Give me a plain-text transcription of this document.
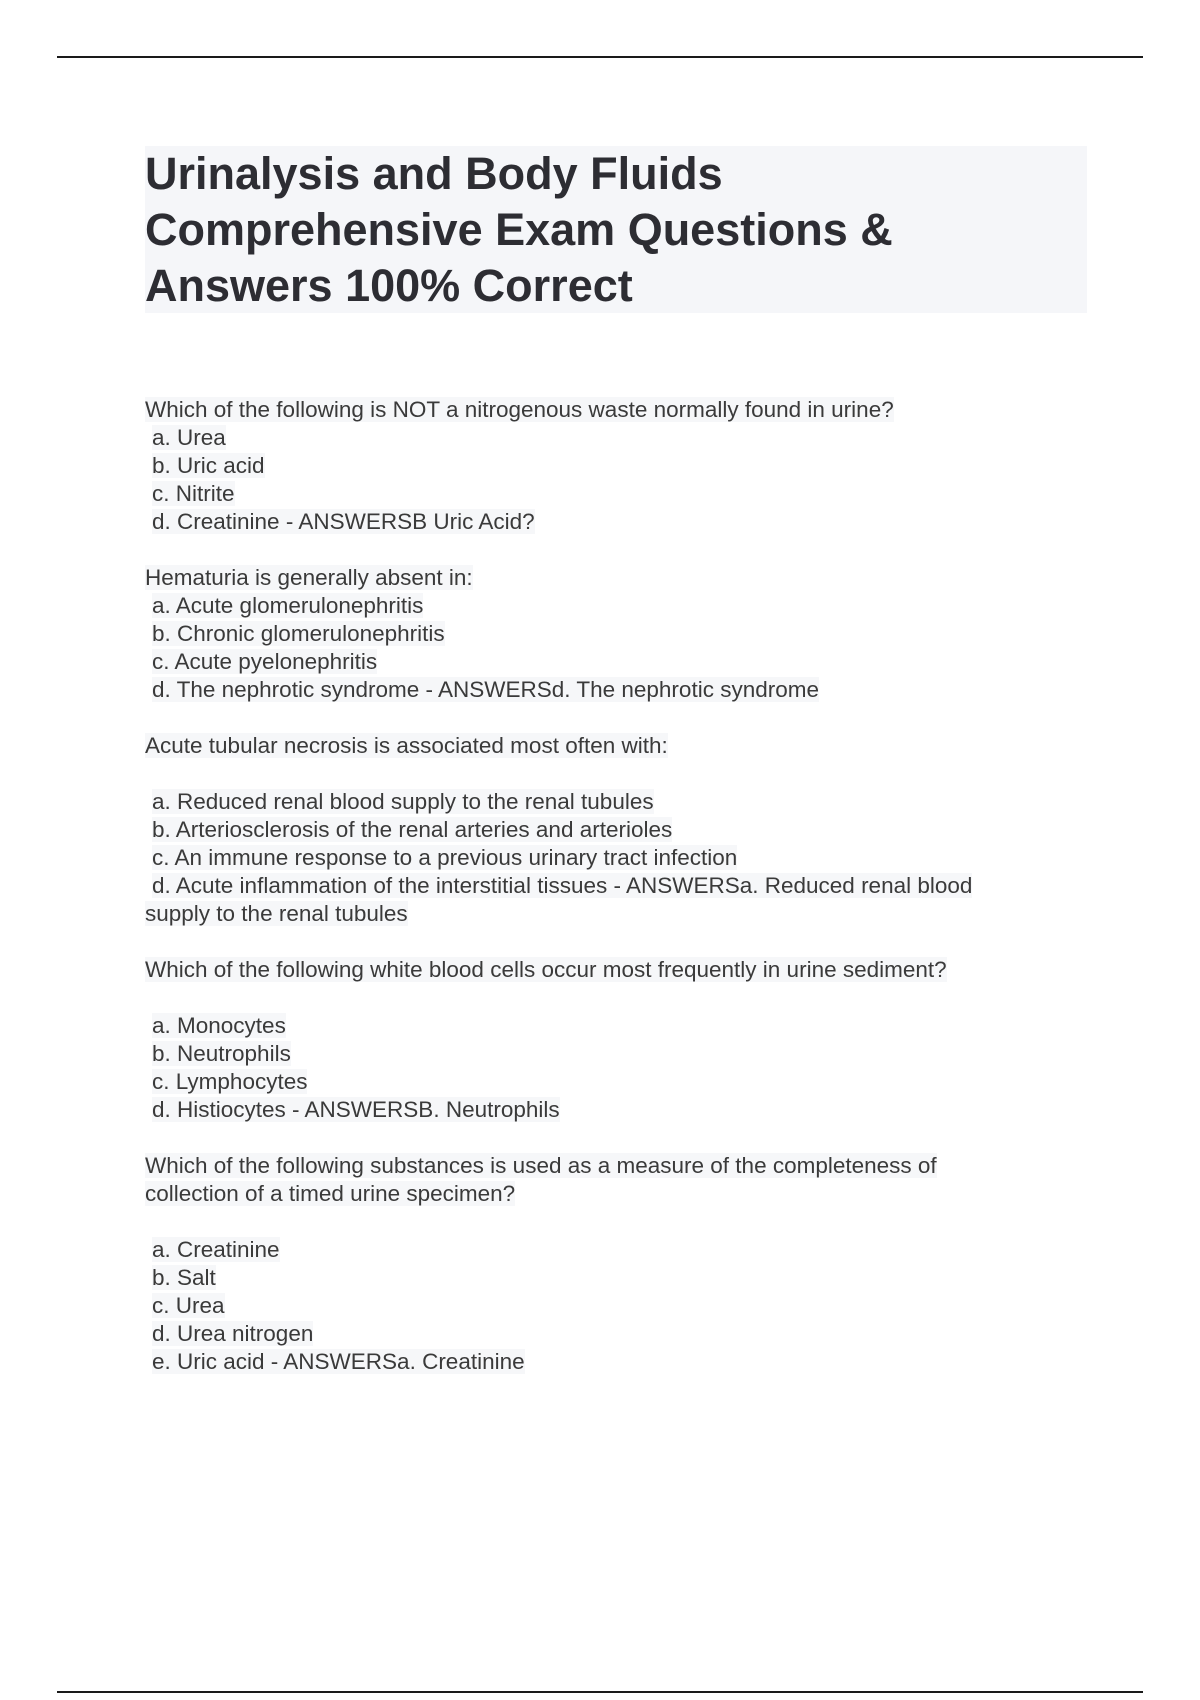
Urinalysis and Body Fluids
Comprehensive Exam Questions &
Answers 100% Correct
Which of the following is NOT a nitrogenous waste normally found in urine?
a. Urea
b. Uric acid
c. Nitrite
d. Creatinine - ANSWERSB Uric Acid?
Hematuria is generally absent in:
a. Acute glomerulonephritis
b. Chronic glomerulonephritis
c. Acute pyelonephritis
d. The nephrotic syndrome - ANSWERSd. The nephrotic syndrome
Acute tubular necrosis is associated most often with:
a. Reduced renal blood supply to the renal tubules
b. Arteriosclerosis of the renal arteries and arterioles
c. An immune response to a previous urinary tract infection
d. Acute inflammation of the interstitial tissues - ANSWERSa. Reduced renal blood
supply to the renal tubules
Which of the following white blood cells occur most frequently in urine sediment?
a. Monocytes
b. Neutrophils
c. Lymphocytes
d. Histiocytes - ANSWERSB. Neutrophils
Which of the following substances is used as a measure of the completeness of
collection of a timed urine specimen?
a. Creatinine
b. Salt
c. Urea
d. Urea nitrogen
e. Uric acid - ANSWERSa. Creatinine
